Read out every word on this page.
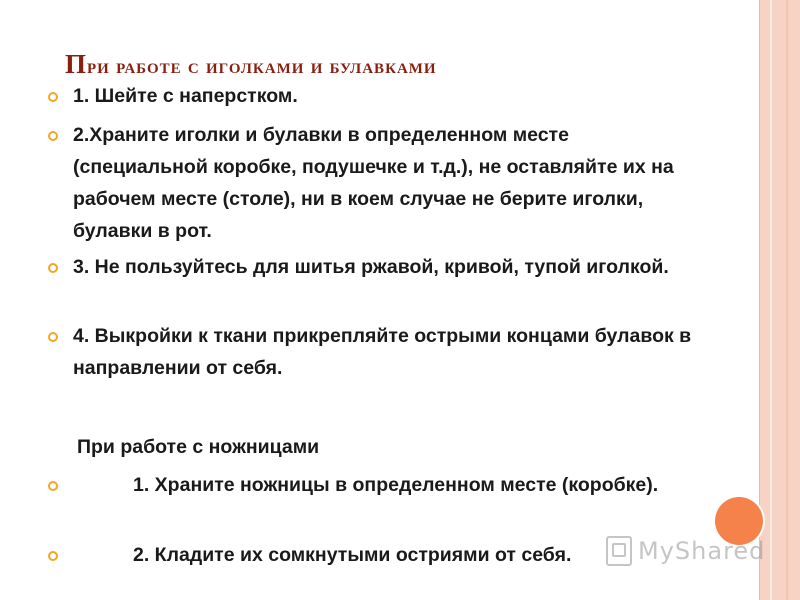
При работе с иголками и булавками

1. Шейте с наперстком.

2.Храните иголки и булавки в определенном месте (специальной коробке, подушечке и т.д.), не оставляйте их на рабочем месте (столе), ни в коем случае не берите иголки, булавки в рот.

3. Не пользуйтесь для шитья ржавой, кривой, тупой иголкой.

4. Выкройки к ткани прикрепляйте острыми концами булавок в направлении от себя.

При работе с ножницами

1. Храните ножницы в определенном месте (коробке).

2. Кладите их сомкнутыми остриями от себя.	MyShared
